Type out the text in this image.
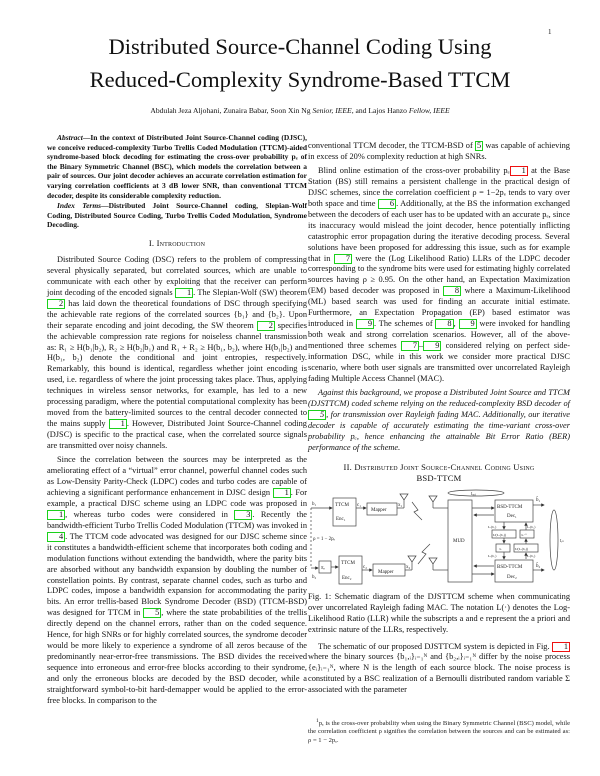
1
Distributed Source-Channel Coding Using
Reduced-Complexity Syndrome-Based TTCM
Abdulah Jeza Aljohani, Zunaira Babar, Soon Xin Ng Senior, IEEE, and Lajos Hanzo Fellow, IEEE

Abstract—In the context of Distributed Joint Source-Channel coding (DJSC), we conceive reduced-complexity Turbo Trellis Coded Modulation (TTCM)-aided syndrome-based block decoding for estimating the cross-over probability pₑ of the Binary Symmetric Channel (BSC), which models the correlation between a pair of sources. Our joint decoder achieves an accurate correlation estimation for varying correlation coefficients at 3 dB lower SNR, than conventional TTCM decoder, despite its considerable complexity reduction.

Index Terms—Distributed Joint Source-Channel coding, Slepian-Wolf Coding, Distributed Source Coding, Turbo Trellis Coded Modulation, Syndrome Decoding.

I. Introduction

Distributed Source Coding (DSC) refers to the problem of compressing several physically separated, but correlated sources, which are unable to communicate with each other by exploiting that the receiver can perform joint decoding of the encoded signals 1 . The Slepian-Wolf (SW) theorem 2 has laid down the theoretical foundations of DSC through specifying the achievable rate regions of the correlated sources {b₁} and {b₂}. Upon their separate encoding and joint decoding, the SW theorem 2 specifies the achievable compression rate regions for noiseless channel transmission as: R₁ ≥ H(b₁|b₂), R₂ ≥ H(b₂|b₁) and R₁ + R₂ ≥ H(b₁, b₂), where H(b₁|b₂) and H(b₁, b₂) denote the conditional and joint entropies, respectively. Remarkably, this bound is identical, regardless whether joint encoding is used, i.e. regardless of where the joint processing takes place. Thus, applying techniques in wireless sensor networks, for example, has led to a new processing paradigm, where the potential computational complexity has been moved from the battery-limited sources to the central decoder connected to the mains supply 1 . However, Distributed Joint Source-Channel coding (DJSC) is specific to the practical case, when the correlated source signals are transmitted over noisy channels.

Since the correlation between the sources may be interpreted as the ameliorating effect of a “virtual” error channel, powerful channel codes such as Low-Density Parity-Check (LDPC) codes and turbo codes are capable of achieving a significant performance enhancement in DJSC design 1 . For example, a practical DJSC scheme using an LDPC code was proposed in 1 , whereas turbo codes were considered in 3 . Recently the bandwidth-efficient Turbo Trellis Coded Modulation (TTCM) was invoked in 4 . The TTCM code advocated was designed for our DJSC scheme since it constitutes a bandwidth-efficient scheme that incorporates both coding and modulation functions without extending the bandwidth, where the parity bits are absorbed without any bandwidth expansion by doubling the number of constellation points. By contrast, separate channel codes, such as turbo and LDPC codes, impose a bandwidth expansion for accommodating the parity bits. An error trellis-based Block Syndrome Decoder (BSD) (TTCM-BSD) was designed for TTCM in 5 , where the state probabilities of the trellis directly depend on the channel errors, rather than on the coded sequence. Hence, for high SNRs or for highly correlated sources, the syndrome decoder would be more likely to experience a syndrome of all zeros because of the predominantly near-error-free transmissions. The BSD divides the received sequence into erroneous and error-free blocks according to their syndrome, and only the erroneous blocks are decoded by the BSD decoder, while a straightforward symbol-to-bit hard-demapper would be applied to the error-free blocks. In comparison to the

conventional TTCM decoder, the TTCM-BSD of 5 was capable of achieving in excess of 20% complexity reduction at high SNRs.

Blind online estimation of the cross-over probability pₑ 1 at the Base Station (BS) still remains a persistent challenge in the practical design of DJSC schemes, since the correlation coefficient ρ = 1−2pₑ tends to vary over both space and time 6 . Additionally, at the BS the information exchanged between the decoders of each user has to be updated with an accurate pₑ, since its inaccuracy would mislead the joint decoder, hence potentially inflicting catastrophic error propagation during the iterative decoding process. Several solutions have been proposed for addressing this issue, such as for example that in 7 were the (Log Likelihood Ratio) LLRs of the LDPC decoder corresponding to the syndrome bits were used for estimating highly correlated sources having ρ ≥ 0.95. On the other hand, an Expectation Maximization (EM) based decoder was proposed in 8 where a Maximum-Likelihood (ML) based search was used for finding an accurate initial estimate. Furthermore, an Expectation Propagation (EP) based estimator was introduced in 9 . The schemes of 8 , 9 were invoked for handling both weak and strong correlation scenarios. However, all of the above-mentioned three schemes 7 – 9 considered relying on perfect side-information DSC, while in this work we consider more practical DJSC scenario, where both user signals are transmitted over uncorrelated Rayleigh fading Multiple Access Channel (MAC).

Against this background, we propose a Distributed Joint Source and TTCM (DJSTTCM) coded scheme relying on the reduced-complexity BSD decoder of 5 , for transmission over Rayleigh fading MAC. Additionally, our iterative decoder is capable of accurately estimating the time-variant cross-over probability pₑ, hence enhancing the attainable Bit Error Ratio (BER) performance of the scheme.

II. Distributed Joint Source-Channel Coding Using
BSD-TTCM
b₁	TTCM
Enc₁
c₁
Mapper
x₁
ρ = 1 − 2pₑ
b₂
πₑ
TTCM
Enc₂
c₂
Mapper
x₂
MUD
BSD-TTCM
Dec₁
BSD-TTCM
Dec₂
b̂₁
b̂₂
Iₒᵤₜ
Iᵢₙ
Lₑ(b₁)	Lₐ(b₂)
U(Lₑ(b₁))	πₑ⁻¹
πₑ	U(Lₑ(b₂))
Lₐ(b₁)	Lₑ(b₂)

Fig. 1: Schematic diagram of the DJSTTCM scheme when communicating over uncorrelated Rayleigh fading MAC. The notation L(·) denotes the Log-Likelihood Ratio (LLR) while the subscripts a and e represent the a priori and extrinsic nature of the LLRs, respectively.

The schematic of our proposed DJSTTCM system is depicted in Fig. 1 where the binary sources {b₁,ᵢ}ᵢ₌₁ᴺ and {b₂,ᵢ}ᵢ₌₁ᴺ differ by the noise process {eᵢ}ᵢ₌₁ᴺ, where N is the length of each source block. The noise process is constituted by a BSC realization of a Bernoulli distributed random variable Σ associated with the parameter

$^1$pₑ is the cross-over probability when using the Binary Symmetric Channel (BSC) model, while the correlation coefficient ρ signifies the correlation between the sources and can be estimated as: ρ = 1 − 2pₑ.
